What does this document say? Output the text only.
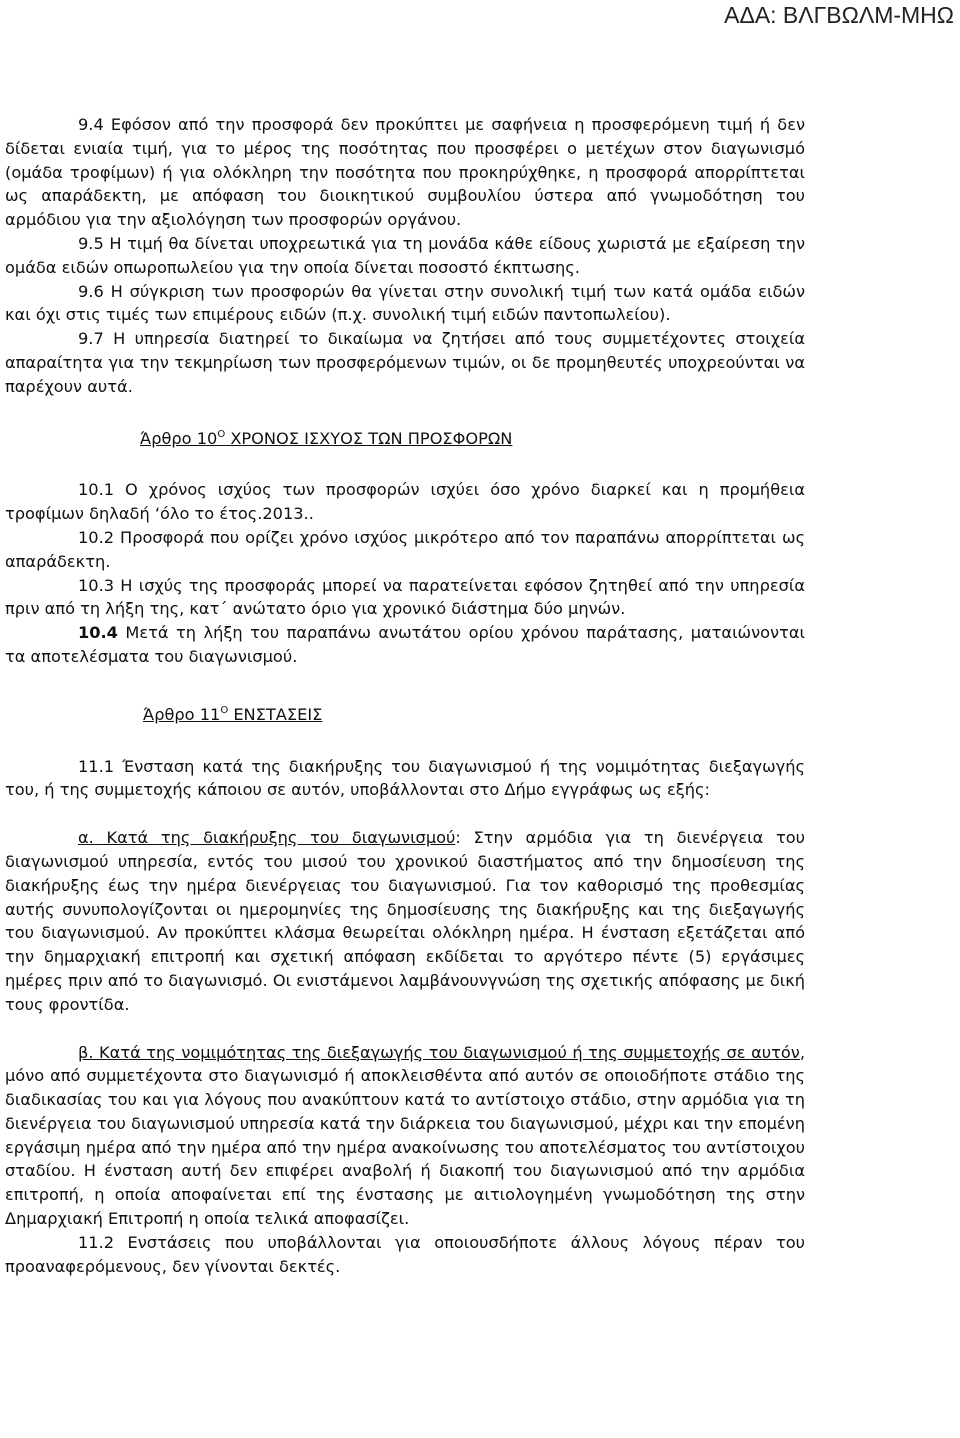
ΑΔΑ: ΒΛΓΒΩΛΜ-ΜΗΩ

9.4 Εφόσον από την προσφορά δεν προκύπτει με σαφήνεια η προσφερόμενη τιμή ή δεν δίδεται ενιαία τιμή, για το μέρος της ποσότητας που προσφέρει ο μετέχων στον διαγωνισμό (ομάδα τροφίμων) ή για ολόκληρη την ποσότητα που προκηρύχθηκε, η προσφορά απορρίπτεται ως απαράδεκτη, με απόφαση του διοικητικού συμβουλίου ύστερα από γνωμοδότηση του αρμόδιου για την αξιολόγηση των προσφορών οργάνου.

9.5 Η τιμή θα δίνεται υποχρεωτικά για τη μονάδα κάθε είδους χωριστά με εξαίρεση την ομάδα ειδών οπωροπωλείου για την οποία δίνεται ποσοστό έκπτωσης.

9.6 Η σύγκριση των προσφορών θα γίνεται στην συνολική τιμή των κατά ομάδα ειδών και όχι στις τιμές των επιμέρους ειδών (π.χ. συνολική τιμή ειδών παντοπωλείου).

9.7 Η υπηρεσία διατηρεί το δικαίωμα να ζητήσει από τους συμμετέχοντες στοιχεία απαραίτητα για την τεκμηρίωση των προσφερόμενων τιμών, οι δε προμηθευτές υποχρεούνται να παρέχουν αυτά.

Άρθρο $10^O$ ΧΡΟΝΟΣ ΙΣΧΥΟΣ ΤΩΝ ΠΡΟΣΦΟΡΩΝ

10.1 Ο χρόνος ισχύος των προσφορών ισχύει όσο χρόνο διαρκεί και η προμήθεια τροφίμων δηλαδή ‘όλο το έτος.2013..

10.2 Προσφορά που ορίζει χρόνο ισχύος μικρότερο από τον παραπάνω απορρίπτεται ως απαράδεκτη.

10.3 Η ισχύς της προσφοράς μπορεί να παρατείνεται εφόσον ζητηθεί από την υπηρεσία πριν από τη λήξη της, κατ΄ ανώτατο όριο για χρονικό διάστημα δύο μηνών.

10.4 Μετά τη λήξη του παραπάνω ανωτάτου ορίου χρόνου παράτασης, ματαιώνονται τα αποτελέσματα του διαγωνισμού.

Άρθρο $11^O$ ΕΝΣΤΑΣΕΙΣ

11.1 Ένσταση κατά της διακήρυξης του διαγωνισμού ή της νομιμότητας διεξαγωγής του, ή της συμμετοχής κάποιου σε αυτόν, υποβάλλονται στο Δήμο εγγράφως ως εξής:

α. Κατά της διακήρυξης του διαγωνισμού: Στην αρμόδια για τη διενέργεια του διαγωνισμού υπηρεσία, εντός του μισού του χρονικού διαστήματος από την δημοσίευση της διακήρυξης έως την ημέρα διενέργειας του διαγωνισμού. Για τον καθορισμό της προθεσμίας αυτής συνυπολογίζονται οι ημερομηνίες της δημοσίευσης της διακήρυξης και της διεξαγωγής του διαγωνισμού. Αν προκύπτει κλάσμα θεωρείται ολόκληρη ημέρα. Η ένσταση εξετάζεται από την δημαρχιακή επιτροπή και σχετική απόφαση εκδίδεται το αργότερο πέντε (5) εργάσιμες ημέρες πριν από το διαγωνισμό. Οι ενιστάμενοι λαμβάνουνγνώση της σχετικής απόφασης με δική τους φροντίδα.

β. Κατά της νομιμότητας της διεξαγωγής του διαγωνισμού ή της συμμετοχής σε αυτόν, μόνο από συμμετέχοντα στο διαγωνισμό ή αποκλεισθέντα από αυτόν σε οποιοδήποτε στάδιο της διαδικασίας του και για λόγους που ανακύπτουν κατά το αντίστοιχο στάδιο, στην αρμόδια για τη διενέργεια του διαγωνισμού υπηρεσία κατά την διάρκεια του διαγωνισμού, μέχρι και την επομένη εργάσιμη ημέρα από την ημέρα από την ημέρα ανακοίνωσης του αποτελέσματος του αντίστοιχου σταδίου. Η ένσταση αυτή δεν επιφέρει αναβολή ή διακοπή του διαγωνισμού από την αρμόδια επιτροπή, η οποία αποφαίνεται επί της ένστασης με αιτιολογημένη γνωμοδότηση της στην Δημαρχιακή Επιτροπή η οποία τελικά αποφασίζει.

11.2 Ενστάσεις που υποβάλλονται για οποιουσδήποτε άλλους λόγους πέραν του προαναφερόμενους, δεν γίνονται δεκτές.
